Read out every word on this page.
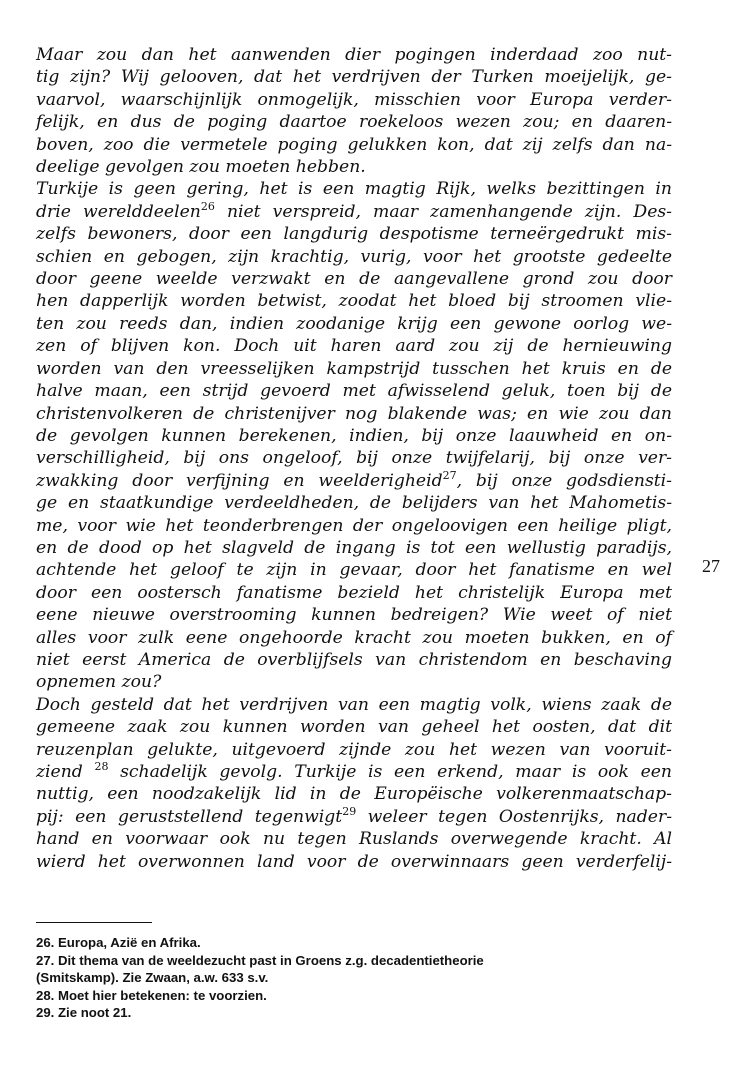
Maar zou dan het aanwenden dier pogingen inderdaad zoo nut-
tig zijn? Wij gelooven, dat het verdrijven der Turken moeijelijk, ge-
vaarvol, waarschijnlijk onmogelijk, misschien voor Europa verder-
felijk, en dus de poging daartoe roekeloos wezen zou; en daaren-
boven, zoo die vermetele poging gelukken kon, dat zij zelfs dan na-
deelige gevolgen zou moeten hebben.
Turkije is geen gering, het is een magtig Rijk, welks bezittingen in
drie werelddeelen$^{26}$ niet verspreid, maar zamenhangende zijn. Des-
zelfs bewoners, door een langdurig despotisme terneërgedrukt mis-
schien en gebogen, zijn krachtig, vurig, voor het grootste gedeelte
door geene weelde verzwakt en de aangevallene grond zou door
hen dapperlijk worden betwist, zoodat het bloed bij stroomen vlie-
ten zou reeds dan, indien zoodanige krijg een gewone oorlog we-
zen of blijven kon. Doch uit haren aard zou zij de hernieuwing
worden van den vreesselijken kampstrijd tusschen het kruis en de
halve maan, een strijd gevoerd met afwisselend geluk, toen bij de
christenvolkeren de christenijver nog blakende was; en wie zou dan
de gevolgen kunnen berekenen, indien, bij onze laauwheid en on-
verschilligheid, bij ons ongeloof, bij onze twijfelarij, bij onze ver-
zwakking door verfijning en weelderigheid$^{27}$, bij onze godsdiensti-
ge en staatkundige verdeeldheden, de belijders van het Mahometis-
me, voor wie het teonderbrengen der ongeloovigen een heilige pligt,
en de dood op het slagveld de ingang is tot een wellustig paradijs,
achtende het geloof te zijn in gevaar, door het fanatisme en wel
door een oostersch fanatisme bezield het christelijk Europa met
eene nieuwe overstrooming kunnen bedreigen? Wie weet of niet
alles voor zulk eene ongehoorde kracht zou moeten bukken, en of
niet eerst America de overblijfsels van christendom en beschaving
opnemen zou?
Doch gesteld dat het verdrijven van een magtig volk, wiens zaak de
gemeene zaak zou kunnen worden van geheel het oosten, dat dit
reuzenplan gelukte, uitgevoerd zijnde zou het wezen van vooruit-
ziend $^{28}$ schadelijk gevolg. Turkije is een erkend, maar is ook een
nuttig, een noodzakelijk lid in de Europëische volkerenmaatschap-
pij: een geruststellend tegenwigt$^{29}$ weleer tegen Oostenrijks, nader-
hand en voorwaar ook nu tegen Ruslands overwegende kracht. Al
wierd het overwonnen land voor de overwinnaars geen verderfelij-
27
26. Europa, Azië en Afrika.
27. Dit thema van de weeldezucht past in Groens z.g. decadentietheorie
(Smitskamp). Zie Zwaan, a.w. 633 s.v.
28. Moet hier betekenen: te voorzien.
29. Zie noot 21.
